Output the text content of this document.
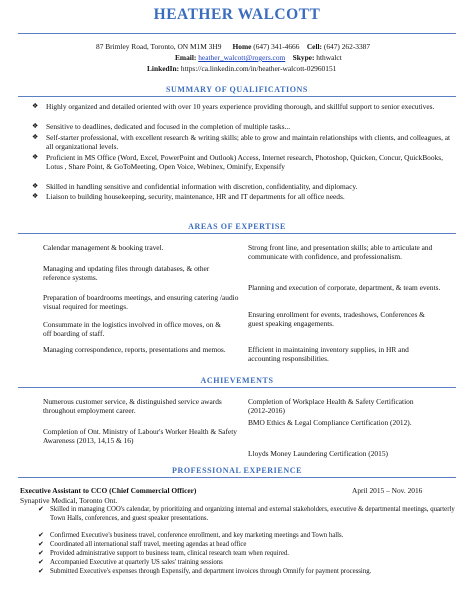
HEATHER WALCOTT
87 Brimley Road, Toronto, ON M1M 3H9 Home (647) 341-4666 Cell: (647) 262-3387
Email: heather_walcott@rogers.com Skype: hthwalct
LinkedIn: https://ca.linkedin.com/in/heather-walcott-02960151
SUMMARY OF QUALIFICATIONS
❖ Highly organized and detailed oriented with over 10 years experience providing thorough, and skillful support to senior executives.
❖ Sensitive to deadlines, dedicated and focused in the completion of multiple tasks...
❖ Self-starter professional, with excellent research & writing skills; able to grow and maintain relationships with clients, and colleagues, at all organizational levels.
❖ Proficient in MS Office (Word, Excel, PowerPoint and Outlook) Access, Internet research, Photoshop, Quicken, Concur, QuickBooks, Lotus , Share Point, & GoToMeeting, Open Voice, Webinex, Ominify, Expensify
❖ Skilled in handling sensitive and confidential information with discretion, confidentiality, and diplomacy.
❖ Liaison to building housekeeping, security, maintenance, HR and IT departments for all office needs.
AREAS OF EXPERTISE
Calendar management & booking travel.
Managing and updating files through databases, & other reference systems.
Preparation of boardrooms meetings, and ensuring catering /audio visual required for meetings.
Consummate in the logistics involved in office moves, on & off boarding of staff.
Managing correspondence, reports, presentations and memos.
Strong front line, and presentation skills; able to articulate and communicate with confidence, and professionalism.
Planning and execution of corporate, department, & team events.
Ensuring enrollment for events, tradeshows, Conferences & guest speaking engagements.
Efficient in maintaining inventory supplies, in HR and accounting responsibilities.
ACHIEVEMENTS
Numerous customer service, & distinguished service awards throughout employment career.
Completion of Ont. Ministry of Labour's Worker Health & Safety Awareness (2013, 14,15 & 16)
Completion of Workplace Health & Safety Certification (2012-2016)
BMO Ethics & Legal Compliance Certification (2012).
Lloyds Money Laundering Certification (2015)
PROFESSIONAL EXPERIENCE
Executive Assistant to CCO (Chief Commercial Officer)	April 2015 – Nov. 2016
Synaptive Medical, Toronto Ont.
✔ Skilled in managing COO's calendar, by prioritizing and organizing internal and external stakeholders, executive & departmental meetings, quarterly Town Halls, conferences, and guest speaker presentations.
✔ Confirmed Executive's business travel, conference enrollment, and key marketing meetings and Town halls.
✔ Coordinated all international staff travel, meeting agendas at head office
✔ Provided administrative support to business team, clinical research team when required.
✔ Accompanied Executive at quarterly US sales' training sessions
✔ Submitted Executive's expenses through Expensify, and department invoices through Omnify for payment processing.
